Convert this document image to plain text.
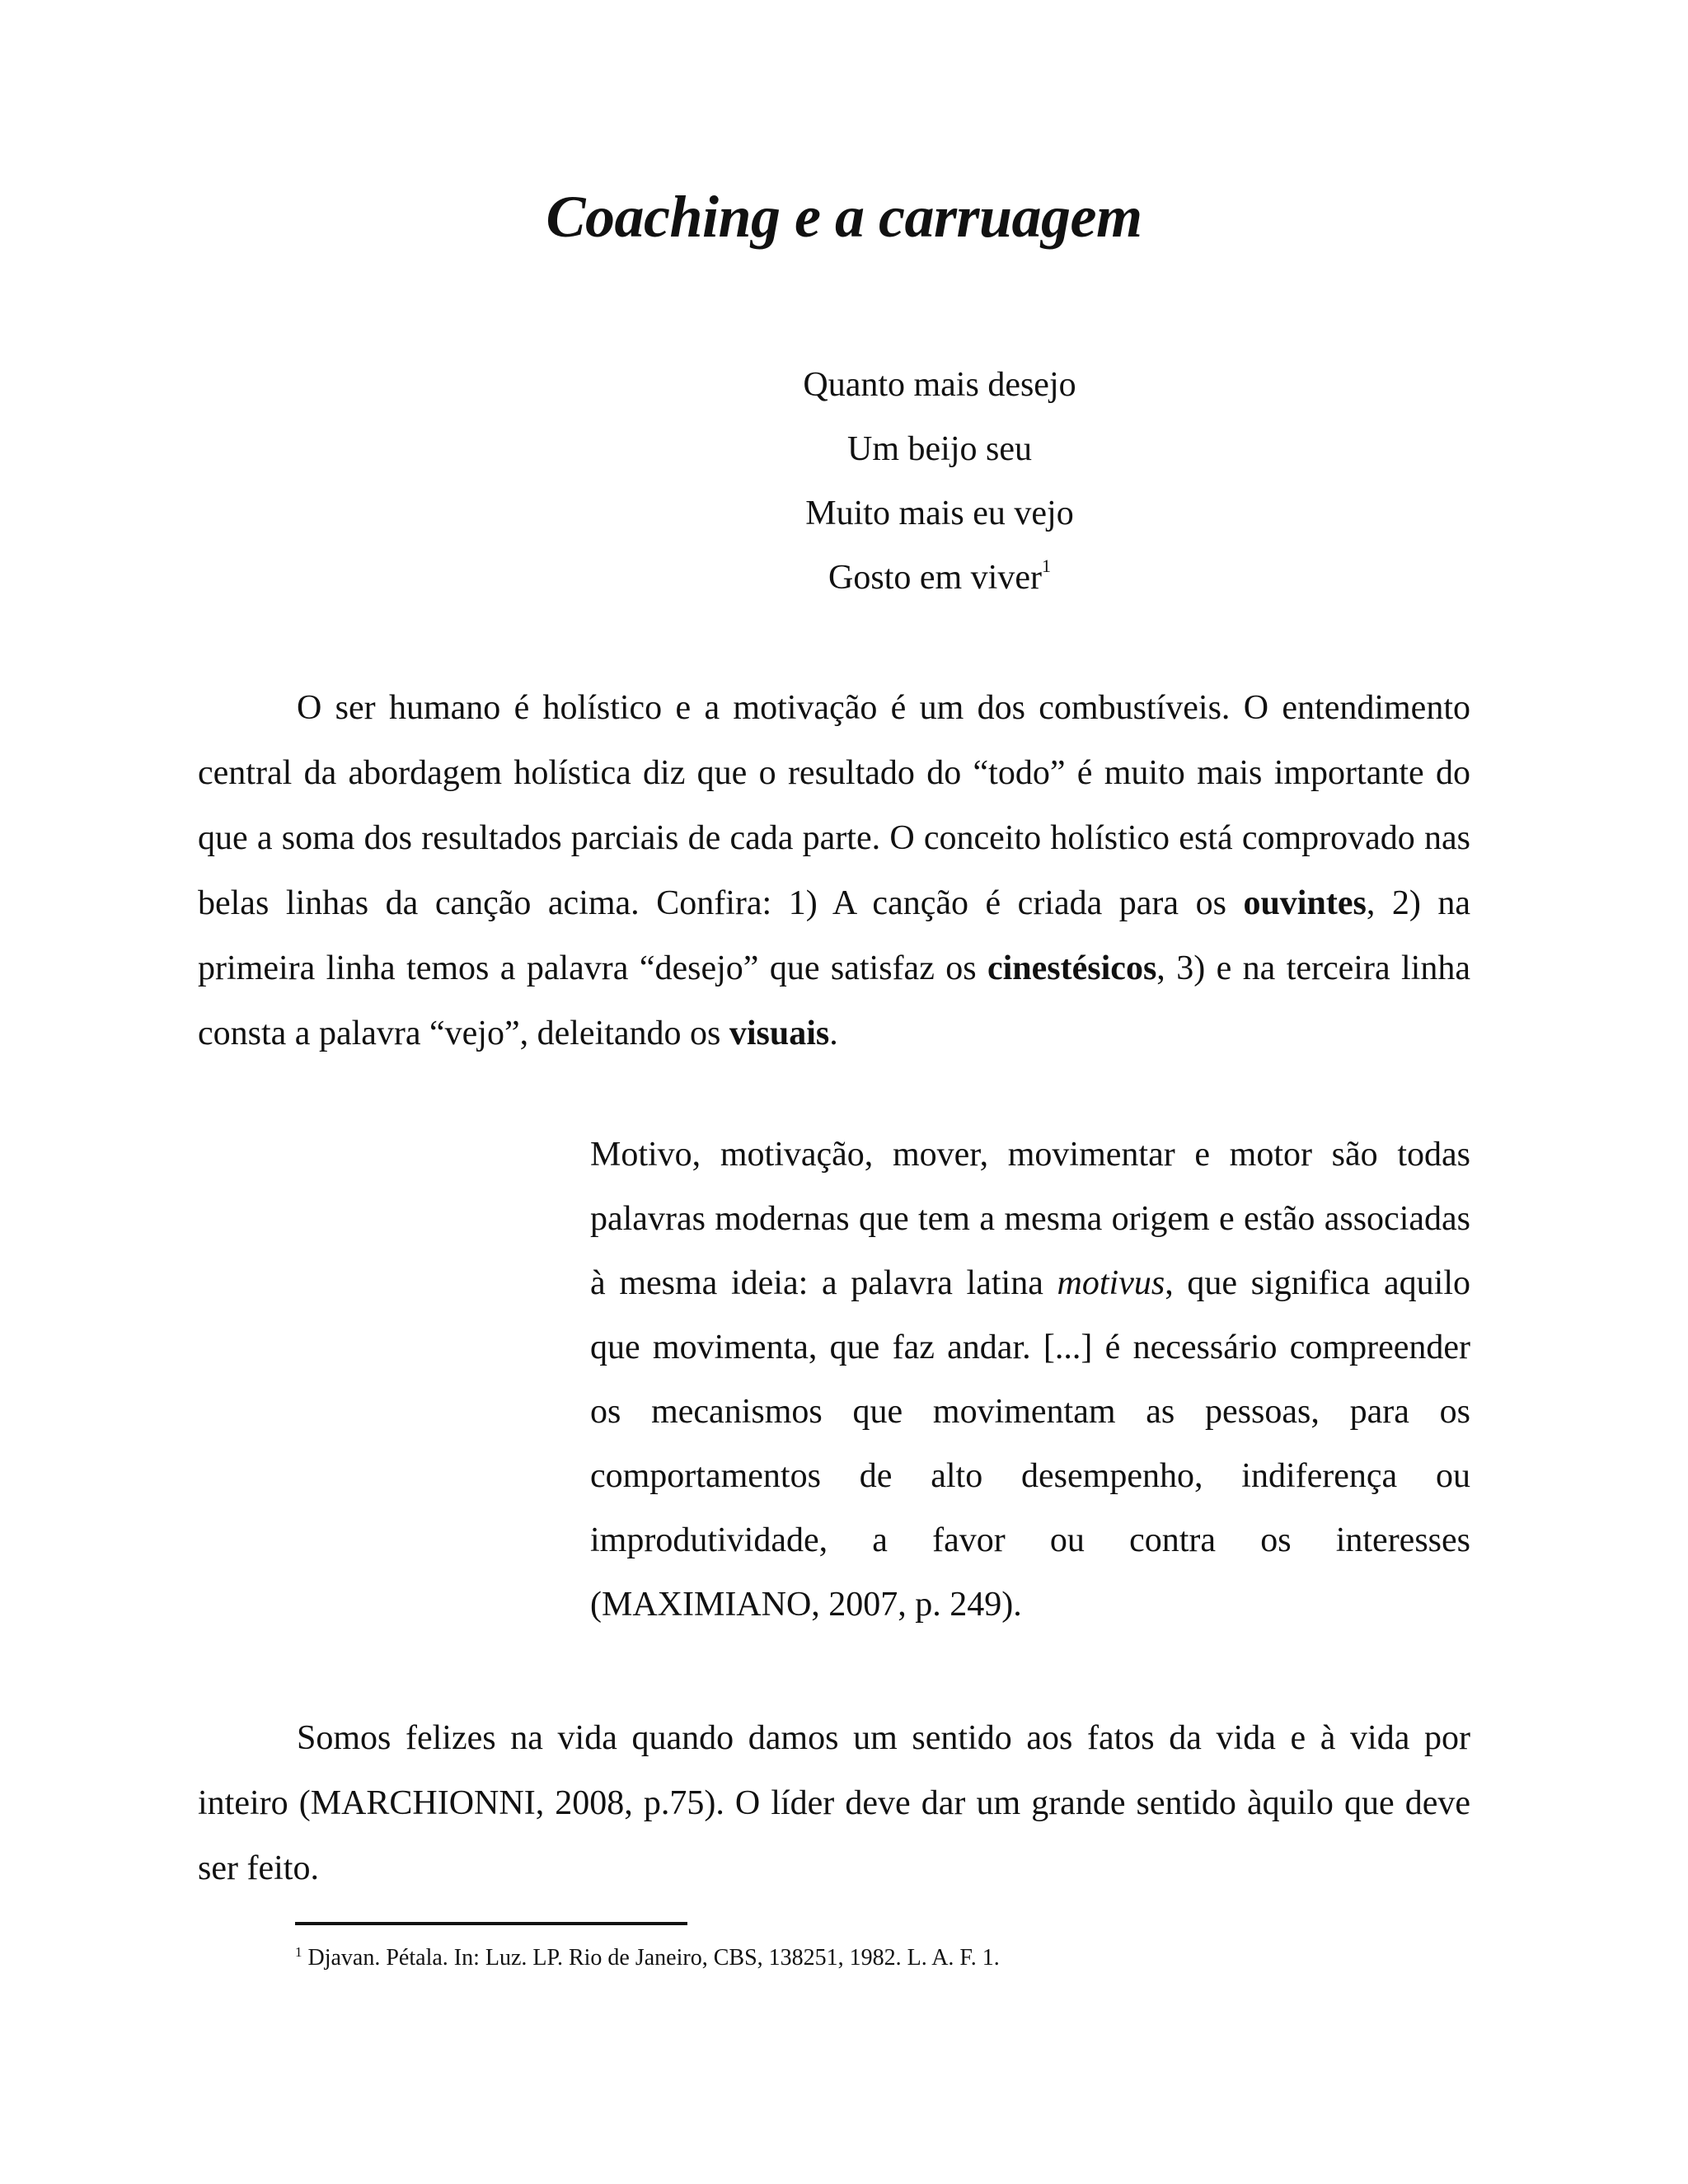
Coaching e a carruagem
Quanto mais desejo
Um beijo seu
Muito mais eu vejo
Gosto em viver$^1$

O ser humano é holístico e a motivação é um dos combustíveis. O entendimento central da abordagem holística diz que o resultado do “todo” é muito mais importante do que a soma dos resultados parciais de cada parte. O conceito holístico está comprovado nas belas linhas da canção acima. Confira: 1) A canção é criada para os ouvintes, 2) na primeira linha temos a palavra “desejo” que satisfaz os cinestésicos, 3) e na terceira linha consta a palavra “vejo”, deleitando os visuais.

Motivo, motivação, mover, movimentar e motor são todas palavras modernas que tem a mesma origem e estão associadas à mesma ideia: a palavra latina motivus, que significa aquilo que movimenta, que faz andar. [...] é necessário compreender os mecanismos que movimentam as pessoas, para os comportamentos de alto desempenho, indiferença ou improdutividade, a favor ou contra os interesses (MAXIMIANO, 2007, p. 249).

Somos felizes na vida quando damos um sentido aos fatos da vida e à vida por inteiro (MARCHIONNI, 2008, p.75). O líder deve dar um grande sentido àquilo que deve ser feito.

$^1$ Djavan. Pétala. In: Luz. LP. Rio de Janeiro, CBS, 138251, 1982. L. A. F. 1.
